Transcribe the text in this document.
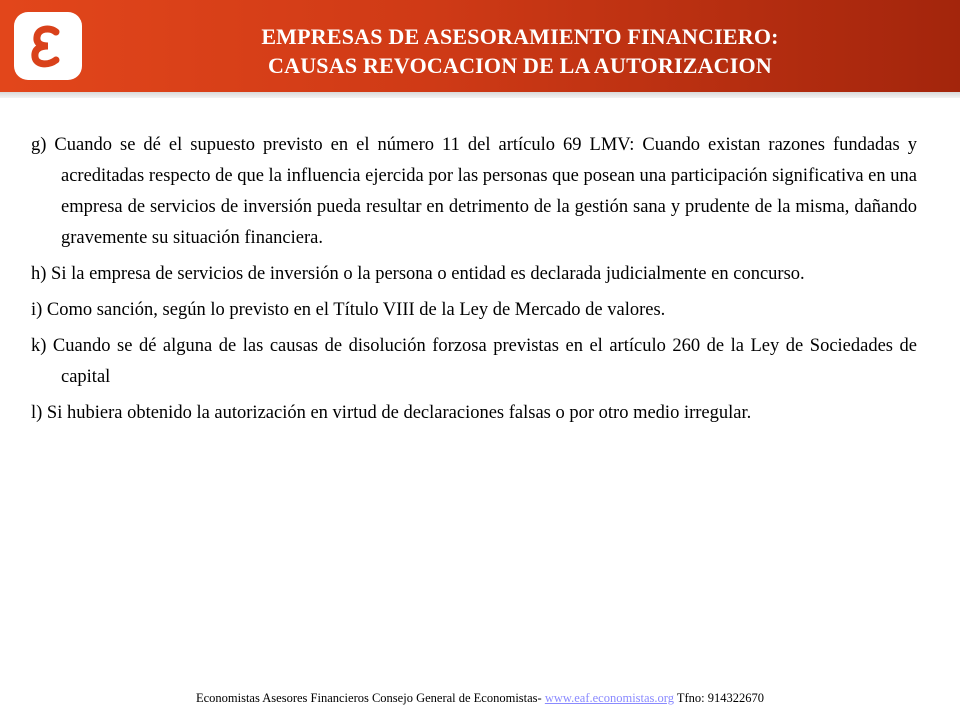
EMPRESAS DE ASESORAMIENTO FINANCIERO:
CAUSAS REVOCACION DE LA AUTORIZACION

g) Cuando se dé el supuesto previsto en el número 11 del artículo 69 LMV: Cuando existan razones fundadas y acreditadas respecto de que la influencia ejercida por las personas que posean una participación significativa en una empresa de servicios de inversión pueda resultar en detrimento de la gestión sana y prudente de la misma, dañando gravemente su situación financiera.

h) Si la empresa de servicios de inversión o la persona o entidad es declarada judicialmente en concurso.

i) Como sanción, según lo previsto en el Título VIII de la Ley de Mercado de valores.

k) Cuando se dé alguna de las causas de disolución forzosa previstas en el artículo 260 de la Ley de Sociedades de capital

l) Si hubiera obtenido la autorización en virtud de declaraciones falsas o por otro medio irregular.

Economistas Asesores Financieros Consejo General de Economistas- www.eaf.economistas.org Tfno: 914322670
